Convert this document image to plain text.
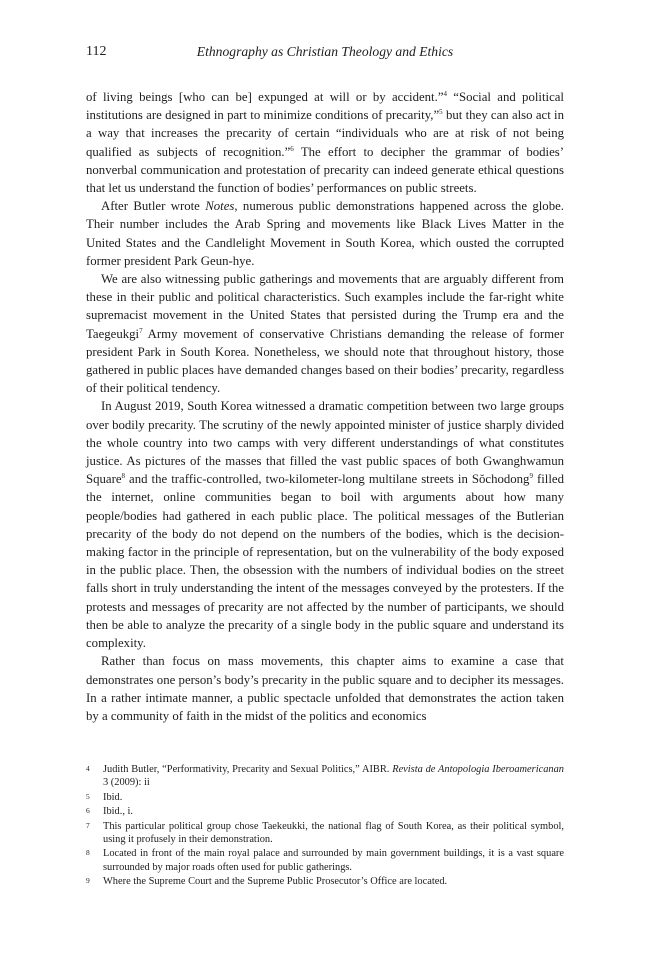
112	Ethnography as Christian Theology and Ethics

of living beings [who can be] expunged at will or by accident.”$^4$ “Social and political institutions are designed in part to minimize conditions of precarity,”$^5$ but they can also act in a way that increases the precarity of certain “individuals who are at risk of not being qualified as subjects of recognition.”$^6$ The effort to decipher the grammar of bodies’ nonverbal communication and protestation of precarity can indeed generate ethical questions that let us understand the function of bodies’ performances on public streets.

After Butler wrote Notes, numerous public demonstrations happened across the globe. Their number includes the Arab Spring and movements like Black Lives Matter in the United States and the Candlelight Movement in South Korea, which ousted the corrupted former president Park Geun-hye.

We are also witnessing public gatherings and movements that are arguably different from these in their public and political characteristics. Such examples include the far-right white supremacist movement in the United States that persisted during the Trump era and the Taegeukgi$^7$ Army movement of conservative Christians demanding the release of former president Park in South Korea. Nonetheless, we should note that throughout history, those gathered in public places have demanded changes based on their bodies’ precarity, regardless of their political tendency.

In August 2019, South Korea witnessed a dramatic competition between two large groups over bodily precarity. The scrutiny of the newly appointed minister of justice sharply divided the whole country into two camps with very different understandings of what constitutes justice. As pictures of the masses that filled the vast public spaces of both Gwanghwamun Square$^8$ and the traffic-controlled, two-kilometer-long multilane streets in Sŏchodong$^9$ filled the internet, online communities began to boil with arguments about how many people/bodies had gathered in each public place. The political messages of the Butlerian precarity of the body do not depend on the numbers of the bodies, which is the decision-making factor in the principle of representation, but on the vulnerability of the body exposed in the public place. Then, the obsession with the numbers of individual bodies on the street falls short in truly understanding the intent of the messages conveyed by the protesters. If the protests and messages of precarity are not affected by the number of participants, we should then be able to analyze the precarity of a single body in the public square and understand its complexity.

Rather than focus on mass movements, this chapter aims to examine a case that demonstrates one person’s body’s precarity in the public square and to decipher its messages. In a rather intimate manner, a public spectacle unfolded that demonstrates the action taken by a community of faith in the midst of the politics and economics

4 Judith Butler, “Performativity, Precarity and Sexual Politics,” AIBR. Revista de Antopologia Iberoamericanan 3 (2009): ii
5 Ibid.
6 Ibid., i.
7 This particular political group chose Taekeukki, the national flag of South Korea, as their political symbol, using it profusely in their demonstration.
8 Located in front of the main royal palace and surrounded by main government buildings, it is a vast square surrounded by major roads often used for public gatherings.
9 Where the Supreme Court and the Supreme Public Prosecutor’s Office are located.
